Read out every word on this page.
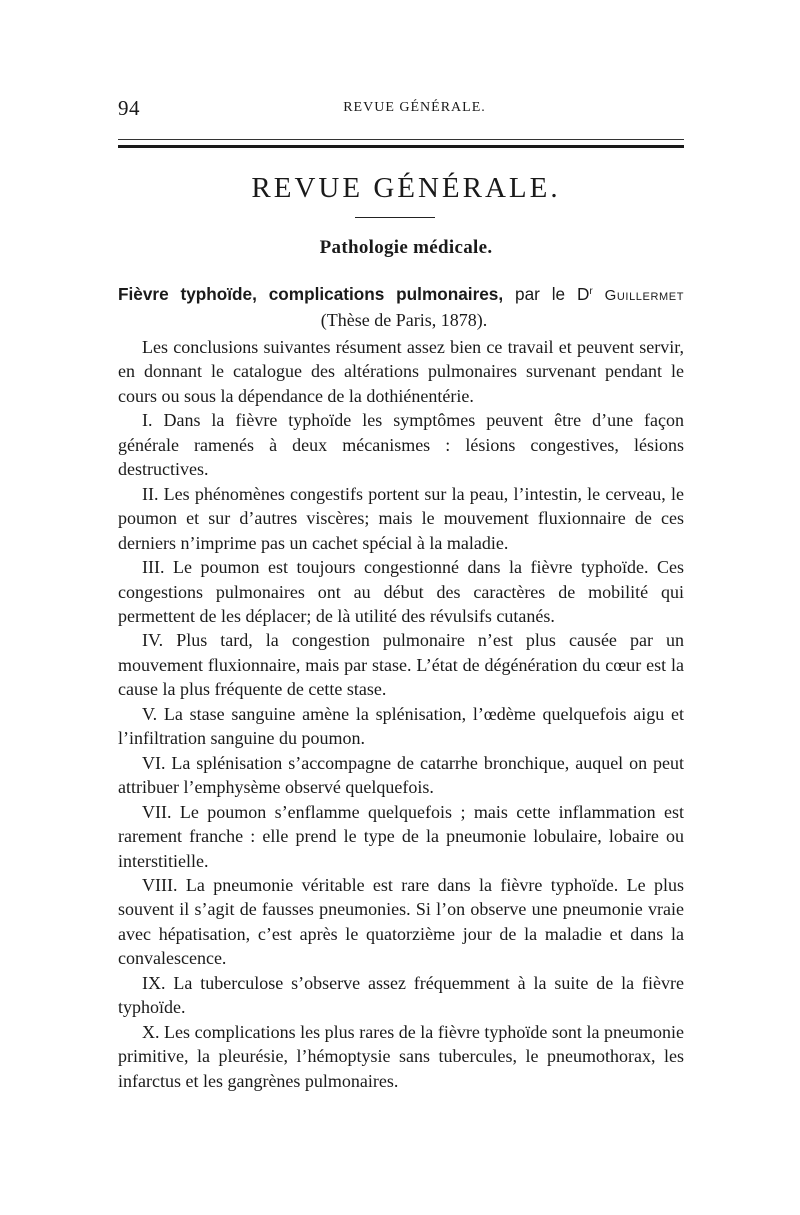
94	REVUE GÉNÉRALE.
REVUE GÉNÉRALE.
Pathologie médicale.
Fièvre typhoïde, complications pulmonaires, par le $D^r$ Guillermet
(Thèse de Paris, 1878).

Les conclusions suivantes résument assez bien ce travail et peuvent servir, en donnant le catalogue des altérations pulmonaires survenant pendant le cours ou sous la dépendance de la dothiénentérie.

I. Dans la fièvre typhoïde les symptômes peuvent être d’une façon générale ramenés à deux mécanismes : lésions congestives, lésions destructives.

II. Les phénomènes congestifs portent sur la peau, l’intestin, le cerveau, le poumon et sur d’autres viscères; mais le mouvement fluxionnaire de ces derniers n’imprime pas un cachet spécial à la maladie.

III. Le poumon est toujours congestionné dans la fièvre typhoïde. Ces congestions pulmonaires ont au début des caractères de mobilité qui permettent de les déplacer; de là utilité des révulsifs cutanés.

IV. Plus tard, la congestion pulmonaire n’est plus causée par un mouvement fluxionnaire, mais par stase. L’état de dégénération du cœur est la cause la plus fréquente de cette stase.

V. La stase sanguine amène la splénisation, l’œdème quelquefois aigu et l’infiltration sanguine du poumon.

VI. La splénisation s’accompagne de catarrhe bronchique, auquel on peut attribuer l’emphysème observé quelquefois.

VII. Le poumon s’enflamme quelquefois ; mais cette inflammation est rarement franche : elle prend le type de la pneumonie lobulaire, lobaire ou interstitielle.

VIII. La pneumonie véritable est rare dans la fièvre typhoïde. Le plus souvent il s’agit de fausses pneumonies. Si l’on observe une pneumonie vraie avec hépatisation, c’est après le quatorzième jour de la maladie et dans la convalescence.

IX. La tuberculose s’observe assez fréquemment à la suite de la fièvre typhoïde.

X. Les complications les plus rares de la fièvre typhoïde sont la pneumonie primitive, la pleurésie, l’hémoptysie sans tubercules, le pneumothorax, les infarctus et les gangrènes pulmonaires.
